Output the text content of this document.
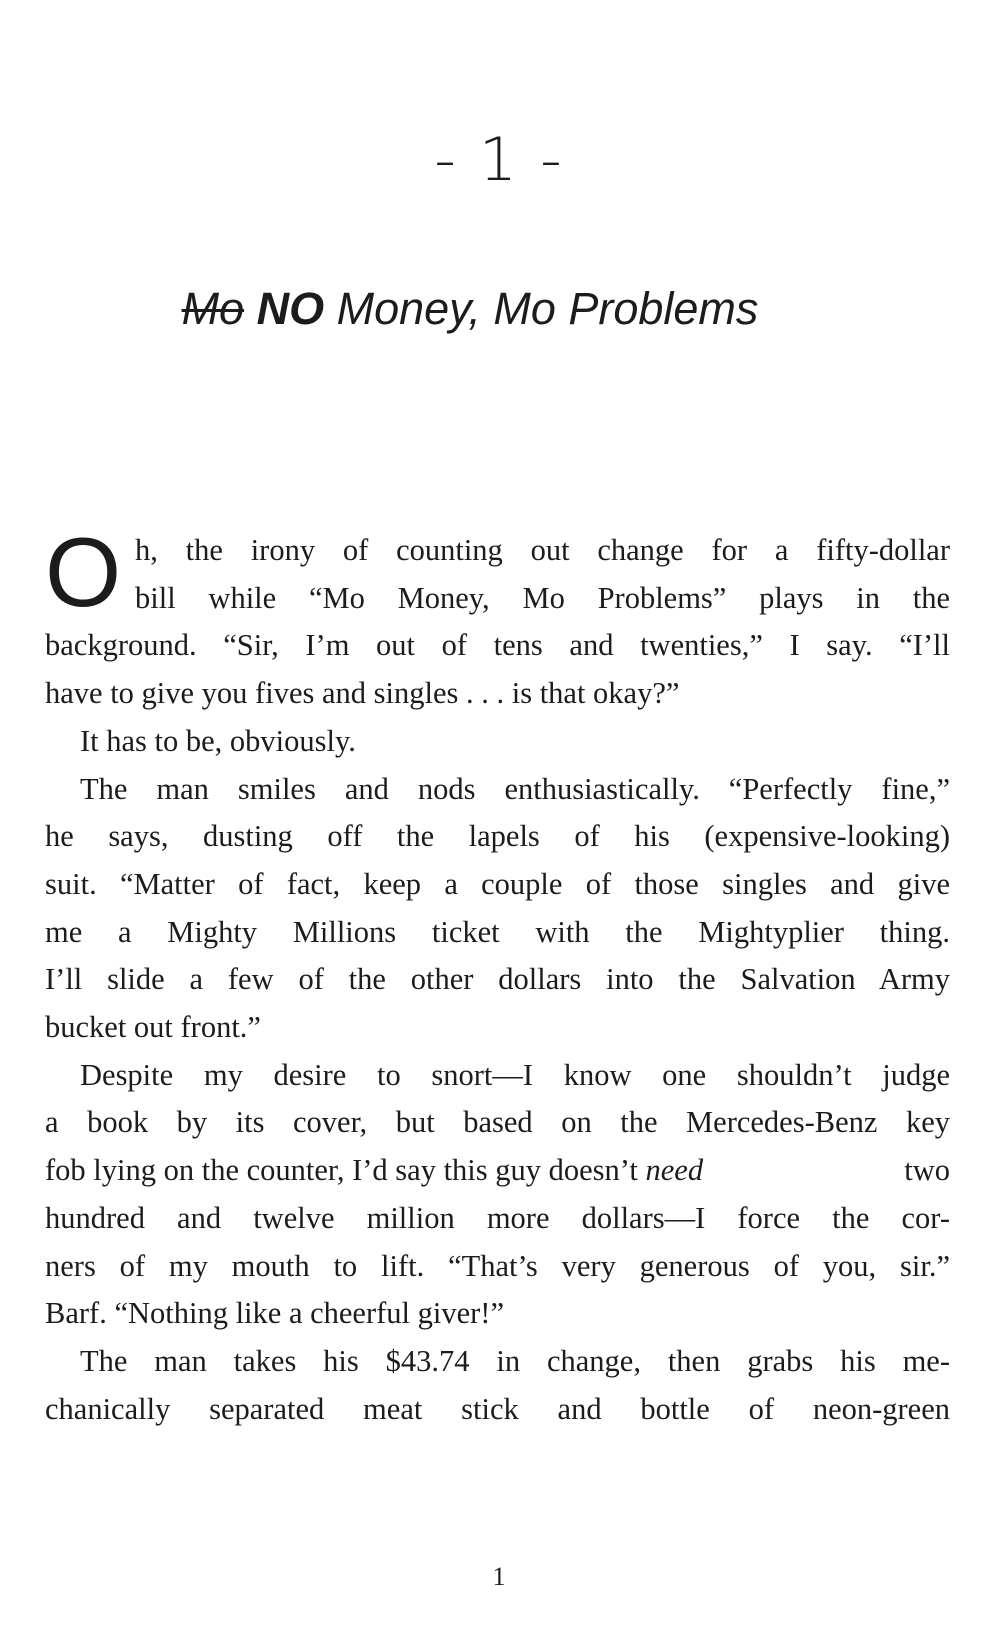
- 1 -
Mo NO Money, Mo Problems
O h, the irony of counting out change for a fifty-dollar
bill while “Mo Money, Mo Problems” plays in the
background. “Sir, I’m out of tens and twenties,” I say. “I’ll
have to give you fives and singles . . . is that okay?”
It has to be, obviously.
The man smiles and nods enthusiastically. “Perfectly fine,”
he says, dusting off the lapels of his (expensive-looking)
suit. “Matter of fact, keep a couple of those singles and give
me a Mighty Millions ticket with the Mightyplier thing.
I’ll slide a few of the other dollars into the Salvation Army
bucket out front.”
Despite my desire to snort—I know one shouldn’t judge
a book by its cover, but based on the Mercedes-Benz key
fob lying on the counter, I’d say this guy doesn’t need	two
hundred and twelve million more dollars—I force the cor-
ners of my mouth to lift. “That’s very generous of you, sir.”
Barf. “Nothing like a cheerful giver!”
The man takes his $43.74 in change, then grabs his me-
chanically separated meat stick and bottle of neon-green
1
